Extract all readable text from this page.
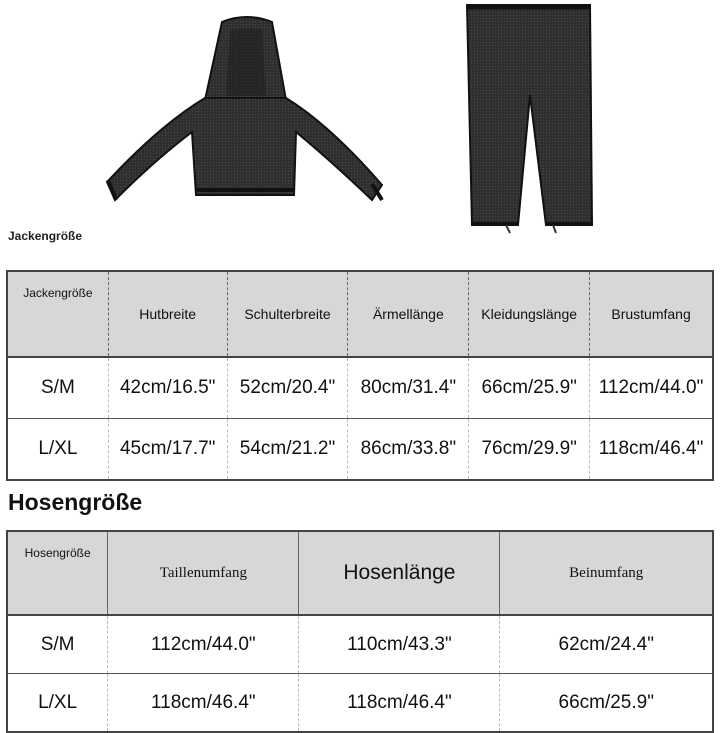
Jackengröße
Jackengröße	Hutbreite	Schulterbreite	Ärmellänge	Kleidungslänge	Brustumfang
S/M	42cm/16.5"	52cm/20.4"	80cm/31.4"	66cm/25.9"	112cm/44.0"
L/XL	45cm/17.7"	54cm/21.2"	86cm/33.8"	76cm/29.9"	118cm/46.4"
Hosengröße
Hosengröße	Taillenumfang	Hosenlänge	Beinumfang
S/M	112cm/44.0"	110cm/43.3"	62cm/24.4"
L/XL	118cm/46.4"	118cm/46.4"	66cm/25.9"
